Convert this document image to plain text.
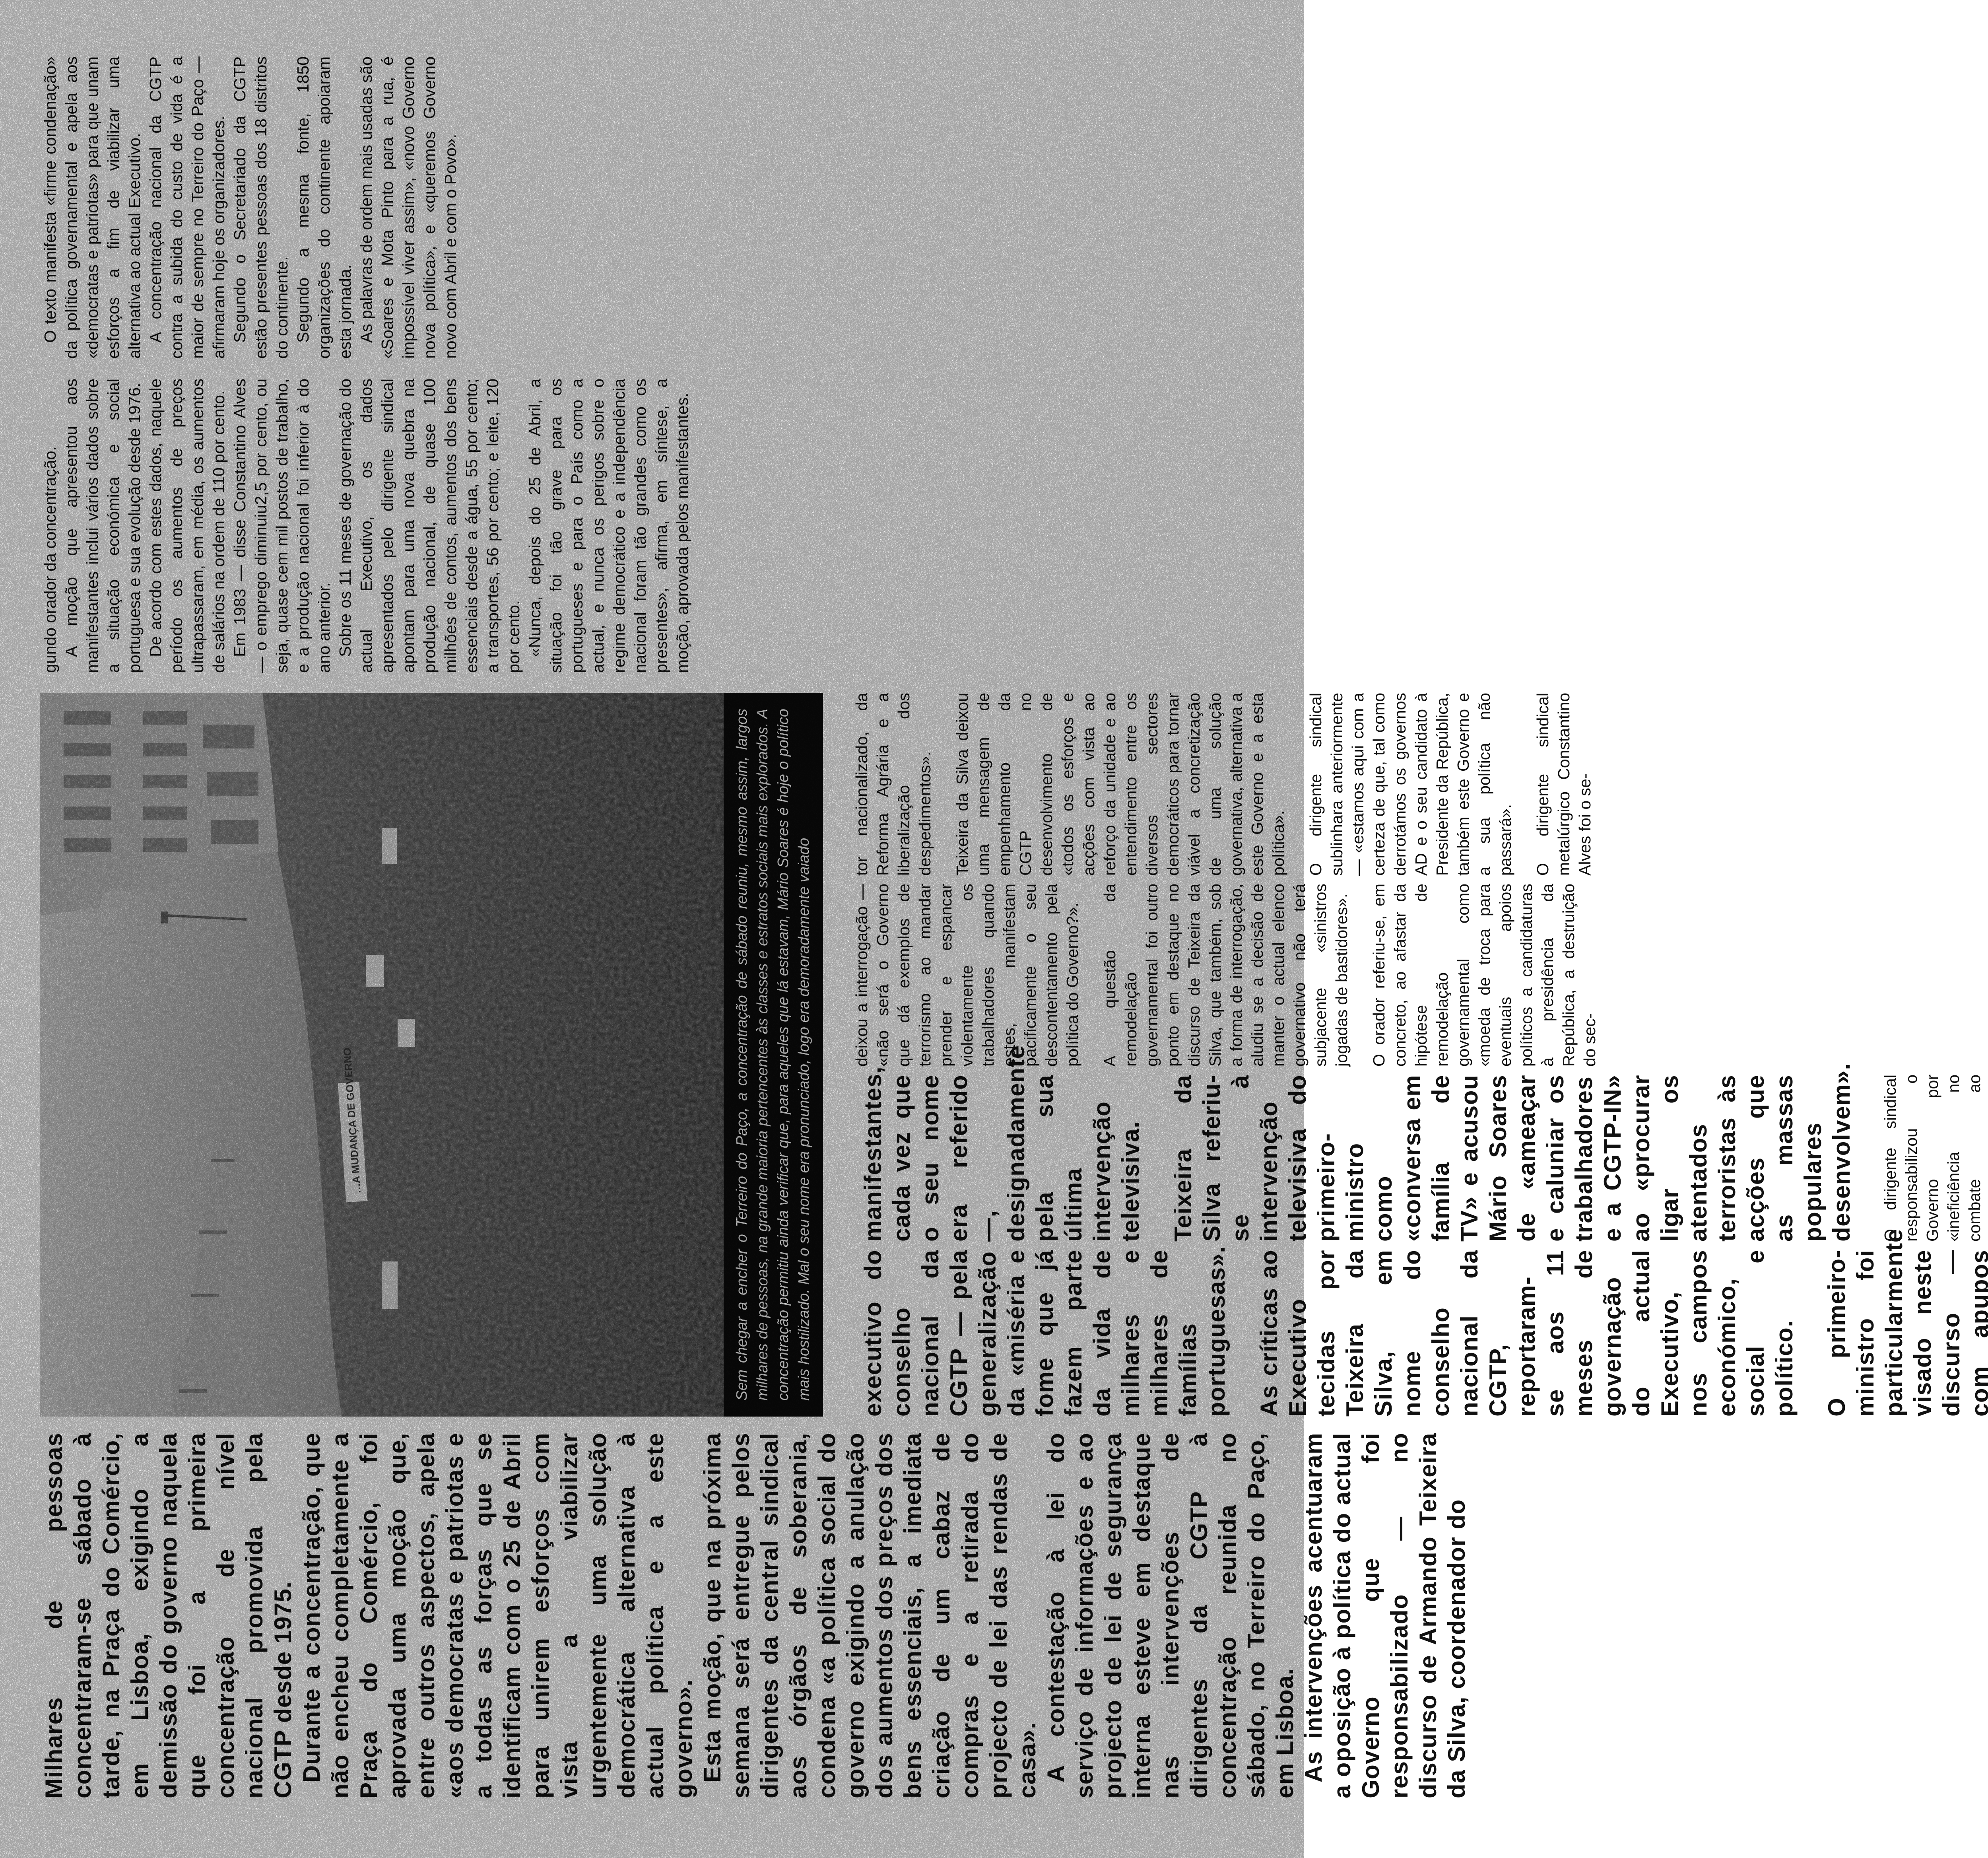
Milhares de pessoas concentraram-se sábado à tarde, na Praça do Comércio, em Lisboa, exigindo a demissão do governo naquela que foi a primeira concentração de nível nacional promovida pela CGTP desde 1975. Durante a concentração, que não encheu completamente a Praça do Comércio, foi aprovada uma moção que, entre outros aspectos, apela «aos democratas e patriotas e a todas as forças que se identificam com o 25 de Abril para unirem esforços com vista a viabilizar urgentemente uma solução democrática alternativa à actual política e a este governo». Esta moção, que na próxima semana será entregue pelos dirigentes da central sindical aos órgãos de soberania, condena «a política social do governo exigindo a anulação dos aumentos dos preços dos bens essenciais, a imediata criação de um cabaz de compras e a retirada do projecto de lei das rendas de casa». A contestação à lei do serviço de informações e ao projecto de lei de segurança interna esteve em destaque nas intervenções de dirigentes da CGTP à concentração reunida no sábado, no Terreiro do Paço, em Lisboa. As intervenções acentuaram a oposição à política do actual Governo que foi responsabilizado — no discurso de Armando Teixeira da Silva, coordenador do

Sem chegar a encher o Terreiro do Paço, a concentração de sábado reuniu, mesmo assim, largos milhares de pessoas, na grande maioria pertencentes às classes e estratos sociais mais explorados. A concentração permitiu ainda verificar que, para aqueles que lá estavam, Mário Soares é hoje o político mais hostilizado. Mal o seu nome era pronunciado, logo era demoradamente vaiado	executivo do conselho nacional da CGTP — pela generalização da «miséria e fome que já fazem parte da vida de milhares e milhares de famílias portuguesas». As críticas ao Executivo tecidas por Teixeira da Silva, em nome do conselho nacional da CGTP, reportaram-se aos 11 meses de governação do actual Executivo, nos campos económico, social e político. O primeiro-ministro foi particularmente visado neste discurso — com apupos

manifestantes, cada vez que o seu nome era referido —, designadamente pela sua última intervenção televisiva. Teixeira da Silva referiu-se à intervenção televisiva do primeiro-ministro como «conversa em família de TV» e acusou Mário Soares de «ameaçar e caluniar os trabalhadores e a CGTP-IN» ao «procurar ligar os atentados terroristas às acções que as massas populares desenvolvem». O dirigente sindical responsabilizou o Governo por «ineficiência no combate ao terrorismo»

deixou a interrogação — «não será o Governo que dá exemplos de terrorismo ao mandar prender e espancar violentamente os trabalhadores quando estes, manifestam pacificamente o seu descontentamento pela política do Governo?». A questão da remodelação governamental foi outro ponto em destaque no discurso de Teixeira da Silva, que também, sob a forma de interrogação, aludiu se a decisão de manter o actual elenco governativo não terá subjacente «sinistros jogadas de bastidores». O orador referiu-se, em concreto, ao afastar da hipótese de remodelação governamental como «moeda de troca para eventuais apoios políticos a candidaturas à presidência da República, a destruição do sec-

tor nacionalizado, da Reforma Agrária e a liberalização dos despedimentos». Teixeira da Silva deixou uma mensagem de empenhamento da CGTP no desenvolvimento de «todos os esforços e acções com vista ao reforço da unidade e ao entendimento entre os diversos sectores democráticos para tornar viável a concretização de uma solução governativa, alternativa a este Governo e a esta política». O dirigente sindical sublinhara anteriormente — «estamos aqui com a certeza de que, tal como derrotámos os governos AD e o seu candidato à Presidente da República, também este Governo e a sua política não passará». O dirigente sindical metalúrgico Constantino Alves foi o se-

gundo orador da concentração. A moção que apresentou aos manifestantes inclui vários dados sobre a situação económica e social portuguesa e sua evolução desde 1976. De acordo com estes dados, naquele período os aumentos de preços ultrapassaram, em média, os aumentos de salários na ordem de 110 por cento. Em 1983 — disse Constantino Alves — o emprego diminuiu2,5 por cento, ou seja, quase cem mil postos de trabalho, e a produção nacional foi inferior à do ano anterior. Sobre os 11 meses de governação do actual Executivo, os dados apresentados pelo dirigente sindical apontam para uma nova quebra na produção nacional, de quase 100 milhões de contos, aumentos dos bens essenciais desde a água, 55 por cento; a transportes, 56 por cento; e leite, 120 por cento. «Nunca, depois do 25 de Abril, a situação foi tão grave para os portugueses e para o País como a actual, e nunca os perigos sobre o regime democrático e a independência nacional foram tão grandes como os presentes», afirma, em síntese, a moção, aprovada pelos manifestantes.

O texto manifesta «firme condenação» da política governamental e apela aos «democratas e patriotas» para que unam esforços a fim de viabilizar uma alternativa ao actual Executivo. A concentração nacional da CGTP contra a subida do custo de vida é a maior de sempre no Terreiro do Paço — afirmaram hoje os organizadores. Segundo o Secretariado da CGTP estão presentes pessoas dos 18 distritos do continente. Segundo a mesma fonte, 1850 organizações do continente apoiaram esta jornada. As palavras de ordem mais usadas são «Soares e Mota Pinto para a rua, é impossível viver assim», «novo Governo nova política», e «queremos Governo novo com Abril e com o Povo».
